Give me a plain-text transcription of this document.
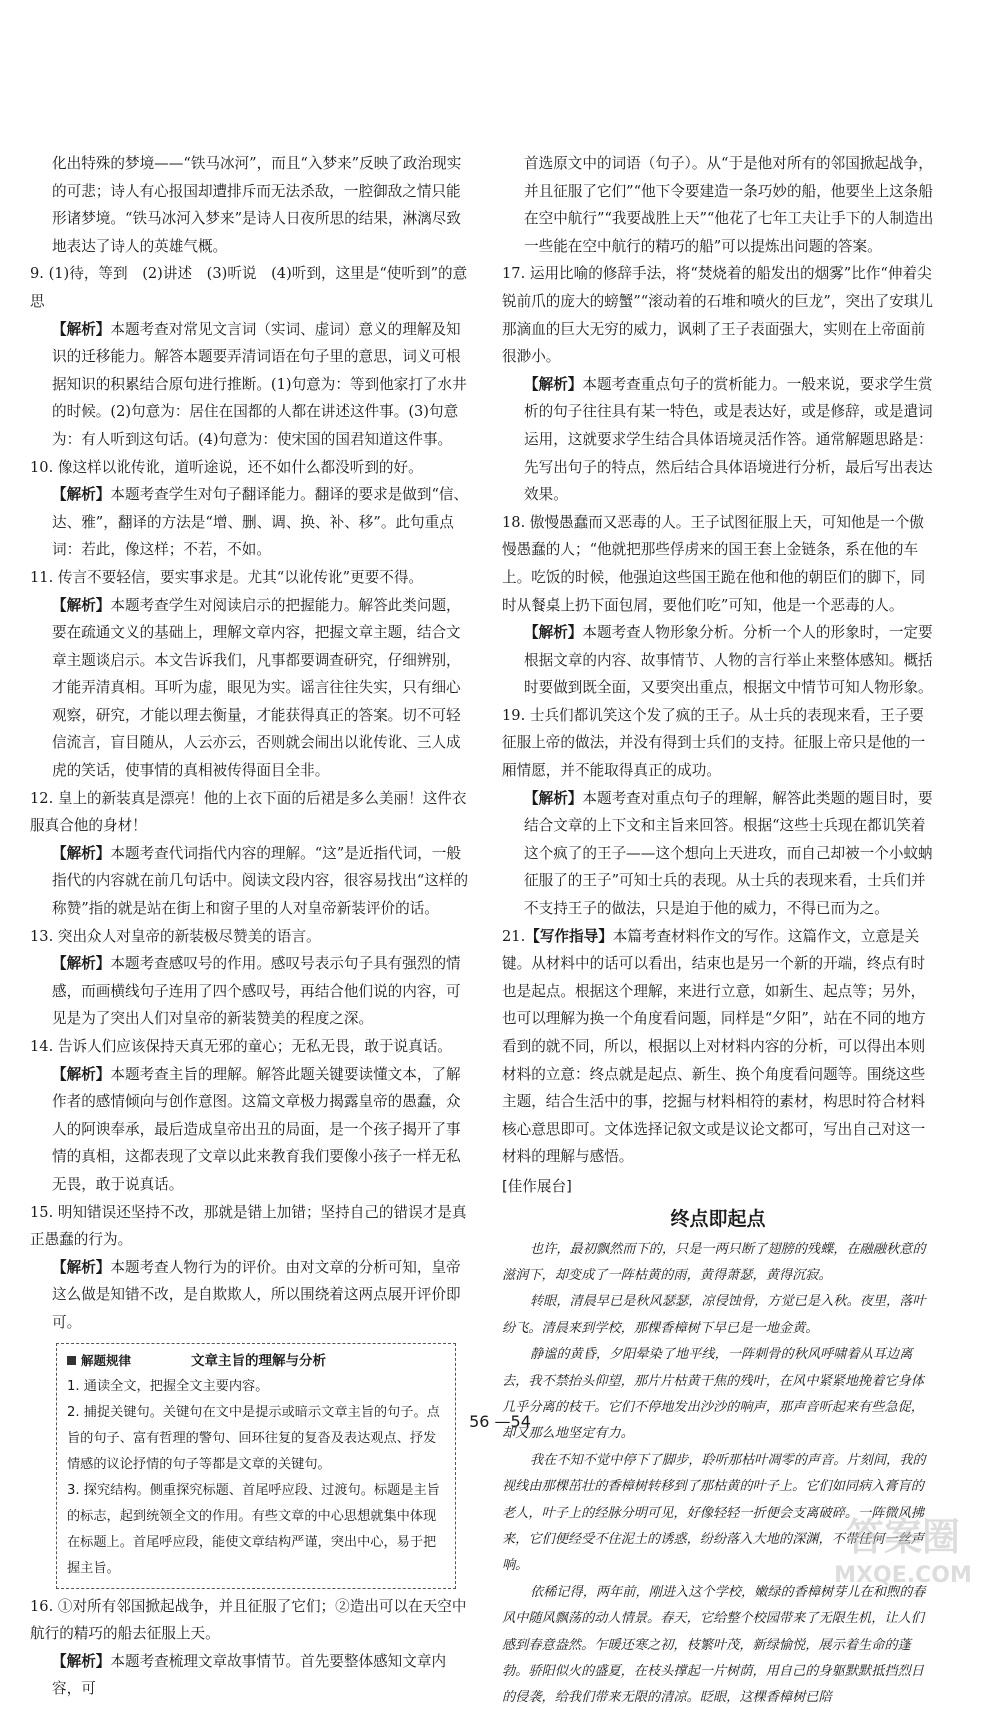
化出特殊的梦境——“铁马冰河”，而且“入梦来”反映了政治现实的可悲；诗人有心报国却遭排斥而无法杀敌，一腔御敌之情只能形诸梦境。“铁马冰河入梦来”是诗人日夜所思的结果，淋漓尽致地表达了诗人的英雄气概。

9. (1)待，等到　(2)讲述　(3)听说　(4)听到，这里是“使听到”的意思

【解析】本题考查对常见文言词（实词、虚词）意义的理解及知识的迁移能力。解答本题要弄清词语在句子里的意思，词义可根据知识的积累结合原句进行推断。(1)句意为：等到他家打了水井的时候。(2)句意为：居住在国都的人都在讲述这件事。(3)句意为：有人听到这句话。(4)句意为：使宋国的国君知道这件事。

10. 像这样以讹传讹，道听途说，还不如什么都没听到的好。

【解析】本题考查学生对句子翻译能力。翻译的要求是做到“信、达、雅”，翻译的方法是“增、删、调、换、补、移”。此句重点词：若此，像这样；不若，不如。

11. 传言不要轻信，要实事求是。尤其“以讹传讹”更要不得。

【解析】本题考查学生对阅读启示的把握能力。解答此类问题，要在疏通文义的基础上，理解文章内容，把握文章主题，结合文章主题谈启示。本文告诉我们，凡事都要调查研究，仔细辨别，才能弄清真相。耳听为虚，眼见为实。谣言往往失实，只有细心观察，研究，才能以理去衡量，才能获得真正的答案。切不可轻信流言，盲目随从，人云亦云，否则就会闹出以讹传讹、三人成虎的笑话，使事情的真相被传得面目全非。

12. 皇上的新装真是漂亮！他的上衣下面的后裙是多么美丽！这件衣服真合他的身材！

【解析】本题考查代词指代内容的理解。“这”是近指代词，一般指代的内容就在前几句话中。阅读文段内容，很容易找出“这样的称赞”指的就是站在街上和窗子里的人对皇帝新装评价的话。

13. 突出众人对皇帝的新装极尽赞美的语言。

【解析】本题考查感叹号的作用。感叹号表示句子具有强烈的情感，而画横线句子连用了四个感叹号，再结合他们说的内容，可见是为了突出人们对皇帝的新装赞美的程度之深。

14. 告诉人们应该保持天真无邪的童心；无私无畏，敢于说真话。

【解析】本题考查主旨的理解。解答此题关键要读懂文本，了解作者的感情倾向与创作意图。这篇文章极力揭露皇帝的愚蠢，众人的阿谀奉承，最后造成皇帝出丑的局面，是一个孩子揭开了事情的真相，这都表现了文章以此来教育我们要像小孩子一样无私无畏，敢于说真话。

15. 明知错误还坚持不改，那就是错上加错；坚持自己的错误才是真正愚蠢的行为。

【解析】本题考查人物行为的评价。由对文章的分析可知，皇帝这么做是知错不改，是自欺欺人，所以围绕着这两点展开评价即可。

解题规律	文章主旨的理解与分析
1. 通读全文，把握全文主要内容。
2. 捕捉关键句。关键句在文中是提示或暗示文章主旨的句子。点旨的句子、富有哲理的警句、回环往复的复沓及表达观点、抒发情感的议论抒情的句子等都是文章的关键句。
3. 探究结构。侧重探究标题、首尾呼应段、过渡句。标题是主旨的标志，起到统领全文的作用。有些文章的中心思想就集中体现在标题上。首尾呼应段，能使文章结构严谨，突出中心，易于把握主旨。

16. ①对所有邻国掀起战争，并且征服了它们；②造出可以在天空中航行的精巧的船去征服上天。

【解析】本题考查梳理文章故事情节。首先要整体感知文章内容，可

首选原文中的词语（句子）。从“于是他对所有的邻国掀起战争，并且征服了它们”“他下令要建造一条巧妙的船，他要坐上这条船在空中航行”“我要战胜上天”“他花了七年工夫让手下的人制造出一些能在空中航行的精巧的船”可以提炼出问题的答案。

17. 运用比喻的修辞手法，将“焚烧着的船发出的烟雾”比作“伸着尖锐前爪的庞大的螃蟹”“滚动着的石堆和喷火的巨龙”，突出了安琪儿那滴血的巨大无穷的威力，讽刺了王子表面强大，实则在上帝面前很渺小。

【解析】本题考查重点句子的赏析能力。一般来说，要求学生赏析的句子往往具有某一特色，或是表达好，或是修辞，或是遣词运用，这就要求学生结合具体语境灵活作答。通常解题思路是：先写出句子的特点，然后结合具体语境进行分析，最后写出表达效果。

18. 傲慢愚蠢而又恶毒的人。王子试图征服上天，可知他是一个傲慢愚蠢的人；“他就把那些俘虏来的国王套上金链条，系在他的车上。吃饭的时候，他强迫这些国王跪在他和他的朝臣们的脚下，同时从餐桌上扔下面包屑，要他们吃”可知，他是一个恶毒的人。

【解析】本题考查人物形象分析。分析一个人的形象时，一定要根据文章的内容、故事情节、人物的言行举止来整体感知。概括时要做到既全面，又要突出重点，根据文中情节可知人物形象。

19. 士兵们都讥笑这个发了疯的王子。从士兵的表现来看，王子要征服上帝的做法，并没有得到士兵们的支持。征服上帝只是他的一厢情愿，并不能取得真正的成功。

【解析】本题考查对重点句子的理解，解答此类题的题目时，要结合文章的上下文和主旨来回答。根据“这些士兵现在都讥笑着这个疯了的王子——这个想向上天进攻，而自己却被一个小蚊蚋征服了的王子”可知士兵的表现。从士兵的表现来看，士兵们并不支持王子的做法，只是迫于他的威力，不得已而为之。

21.【写作指导】本篇考查材料作文的写作。这篇作文，立意是关键。从材料中的话可以看出，结束也是另一个新的开端，终点有时也是起点。根据这个理解，来进行立意，如新生、起点等；另外，也可以理解为换一个角度看问题，同样是“夕阳”，站在不同的地方看到的就不同，所以，根据以上对材料内容的分析，可以得出本则材料的立意：终点就是起点、新生、换个角度看问题等。围绕这些主题，结合生活中的事，挖掘与材料相符的素材，构思时符合材料核心意思即可。文体选择记叙文或是议论文都可，写出自己对这一材料的理解与感悟。

[佳作展台]
终点即起点

也许，最初飘然而下的，只是一两只断了翅膀的残蝶，在融融秋意的滋润下，却变成了一阵枯黄的雨，黄得萧瑟，黄得沉寂。

转眼，清晨早已是秋风瑟瑟，凉侵蚀骨，方觉已是入秋。夜里，落叶纷飞。清晨来到学校，那棵香樟树下早已是一地金黄。

静谧的黄昏，夕阳晕染了地平线，一阵刺骨的秋风呼啸着从耳边离去，我不禁抬头仰望，那片片枯黄干焦的残叶，在风中紧紧地挽着它身体几乎分离的枝干。它们不停地发出沙沙的响声，那声音听起来有些急促，却又那么地坚定有力。

我在不知不觉中停下了脚步，聆听那枯叶凋零的声音。片刻间，我的视线由那棵茁壮的香樟树转移到了那枯黄的叶子上。它们如同病入膏肓的老人，叶子上的经脉分明可见，好像轻轻一折便会支离破碎。一阵微风拂来，它们便经受不住泥土的诱惑，纷纷落入大地的深渊，不带任何一丝声响。

依稀记得，两年前，刚进入这个学校，嫩绿的香樟树芽儿在和煦的春风中随风飘荡的动人情景。春天，它给整个校园带来了无限生机，让人们感到春意盎然。乍暖还寒之初，枝繁叶茂，新绿愉悦，展示着生命的蓬勃。骄阳似火的盛夏，在枝头撑起一片树荫，用自己的身躯默默抵挡烈日的侵袭，给我们带来无限的清凉。眨眼，这棵香樟树已陪

56 —54
答案圈
MXQE.COM
